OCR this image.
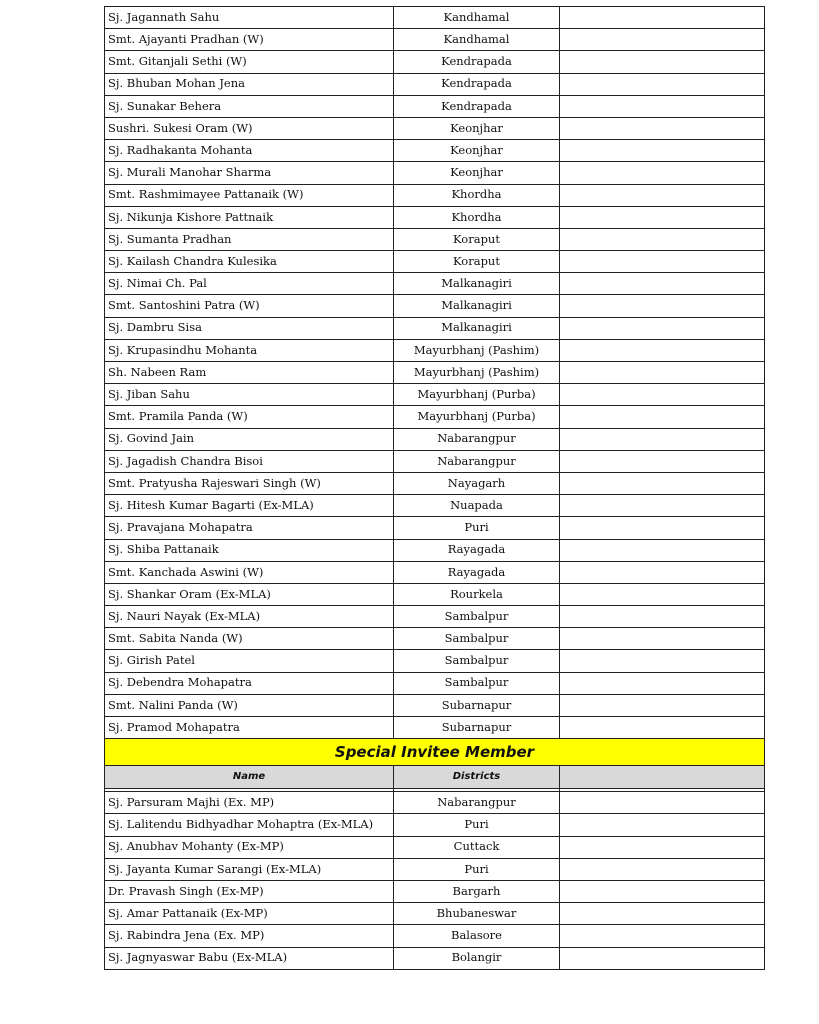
Sj. Jagannath Sahu	Kandhamal	
Smt. Ajayanti Pradhan (W)	Kandhamal	
Smt. Gitanjali Sethi (W)	Kendrapada	
Sj. Bhuban Mohan Jena	Kendrapada	
Sj. Sunakar Behera	Kendrapada	
Sushri. Sukesi Oram (W)	Keonjhar	
Sj. Radhakanta Mohanta	Keonjhar	
Sj. Murali Manohar Sharma	Keonjhar	
Smt. Rashmimayee Pattanaik (W)	Khordha	
Sj. Nikunja Kishore Pattnaik	Khordha	
Sj. Sumanta Pradhan	Koraput	
Sj. Kailash Chandra Kulesika	Koraput	
Sj. Nimai Ch. Pal	Malkanagiri	
Smt. Santoshini Patra (W)	Malkanagiri	
Sj. Dambru Sisa	Malkanagiri	
Sj. Krupasindhu Mohanta	Mayurbhanj (Pashim)	
Sh. Nabeen Ram	Mayurbhanj (Pashim)	
Sj. Jiban Sahu	Mayurbhanj (Purba)	
Smt. Pramila Panda (W)	Mayurbhanj (Purba)	
Sj. Govind Jain	Nabarangpur	
Sj. Jagadish Chandra Bisoi	Nabarangpur	
Smt. Pratyusha Rajeswari Singh (W)	Nayagarh	
Sj. Hitesh Kumar Bagarti (Ex-MLA)	Nuapada	
Sj. Pravajana Mohapatra	Puri	
Sj. Shiba Pattanaik	Rayagada	
Smt. Kanchada Aswini (W)	Rayagada	
Sj. Shankar Oram (Ex-MLA)	Rourkela	
Sj. Nauri Nayak (Ex-MLA)	Sambalpur	
Smt. Sabita Nanda (W)	Sambalpur	
Sj. Girish Patel	Sambalpur	
Sj. Debendra Mohapatra	Sambalpur	
Smt. Nalini Panda (W)	Subarnapur	
Sj. Pramod Mohapatra	Subarnapur	
Special Invitee Member		
Name	Districts	

Sj. Parsuram Majhi (Ex. MP)	Nabarangpur	
Sj. Lalitendu Bidhyadhar Mohaptra (Ex-MLA)	Puri	
Sj. Anubhav Mohanty (Ex-MP)	Cuttack	
Sj. Jayanta Kumar Sarangi (Ex-MLA)	Puri	
Dr. Pravash Singh (Ex-MP)	Bargarh	
Sj. Amar Pattanaik (Ex-MP)	Bhubaneswar	
Sj. Rabindra Jena (Ex. MP)	Balasore	
Sj. Jagnyaswar Babu (Ex-MLA)	Bolangir	
